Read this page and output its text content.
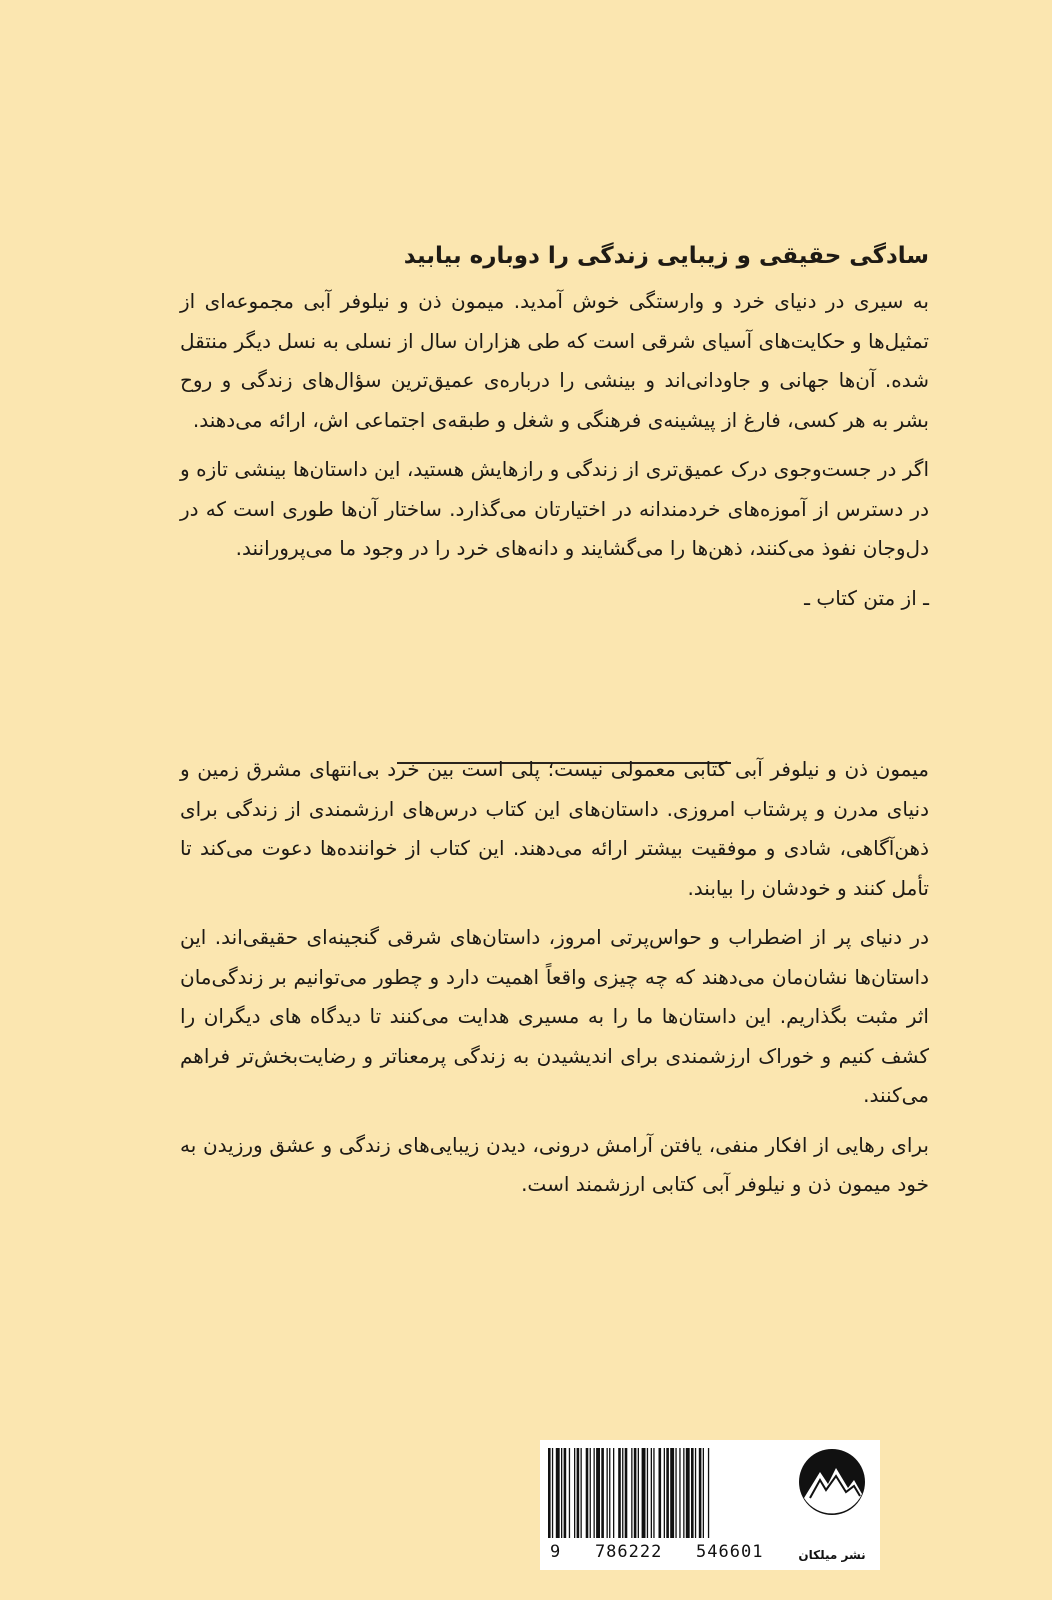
سادگی حقیقی و زیبایی زندگی را دوباره بیابید

به سیری در دنیای خرد و وارستگی خوش آمدید. میمون ذن و نیلوفر آبی مجموعه‌ای از تمثیل‌ها و حکایت‌های آسیای شرقی است که طی هزاران سال از نسلی به نسل دیگر منتقل شده. آن‌ها جهانی و جاودانی‌اند و بینشی را درباره‌ی عمیق‌ترین سؤال‌های زندگی و روح بشر به هر کسی، فارغ از پیشینه‌ی فرهنگی و شغل و طبقه‌ی اجتماعی اش، ارائه می‌دهند.

اگر در جست‌وجوی درک عمیق‌تری از زندگی و رازهایش هستید، این داستان‌ها بینشی تازه و در دسترس از آموزه‌های خردمندانه در اختیارتان می‌گذارد. ساختار آن‌ها طوری است که در دل‌وجان نفوذ می‌کنند، ذهن‌ها را می‌گشایند و دانه‌های خرد را در وجود ما می‌پرورانند.

ـ از متن کتاب ـ

میمون ذن و نیلوفر آبی کتابی معمولی نیست؛ پلی است بین خرد بی‌انتهای مشرق زمین و دنیای مدرن و پرشتاب امروزی. داستان‌های این کتاب درس‌های ارزشمندی از زندگی برای ذهن‌آگاهی، شادی و موفقیت بیشتر ارائه می‌دهند. این کتاب از خواننده‌ها دعوت می‌کند تا تأمل کنند و خودشان را بیابند.

در دنیای پر از اضطراب و حواس‌پرتی امروز، داستان‌های شرقی گنجینه‌ای حقیقی‌اند. این داستان‌ها نشان‌مان می‌دهند که چه چیزی واقعاً اهمیت دارد و چطور می‌توانیم بر زندگی‌مان اثر مثبت بگذاریم. این داستان‌ها ما را به مسیری هدایت می‌کنند تا دیدگاه های دیگران را کشف کنیم و خوراک ارزشمندی برای اندیشیدن به زندگی پرمعناتر و رضایت‌بخش‌تر فراهم می‌کنند.

برای رهایی از افکار منفی، یافتن آرامش درونی، دیدن زیبایی‌های زندگی و عشق ورزیدن به خود میمون ذن و نیلوفر آبی کتابی ارزشمند است.

9   786222   546601	نشر میلکان
